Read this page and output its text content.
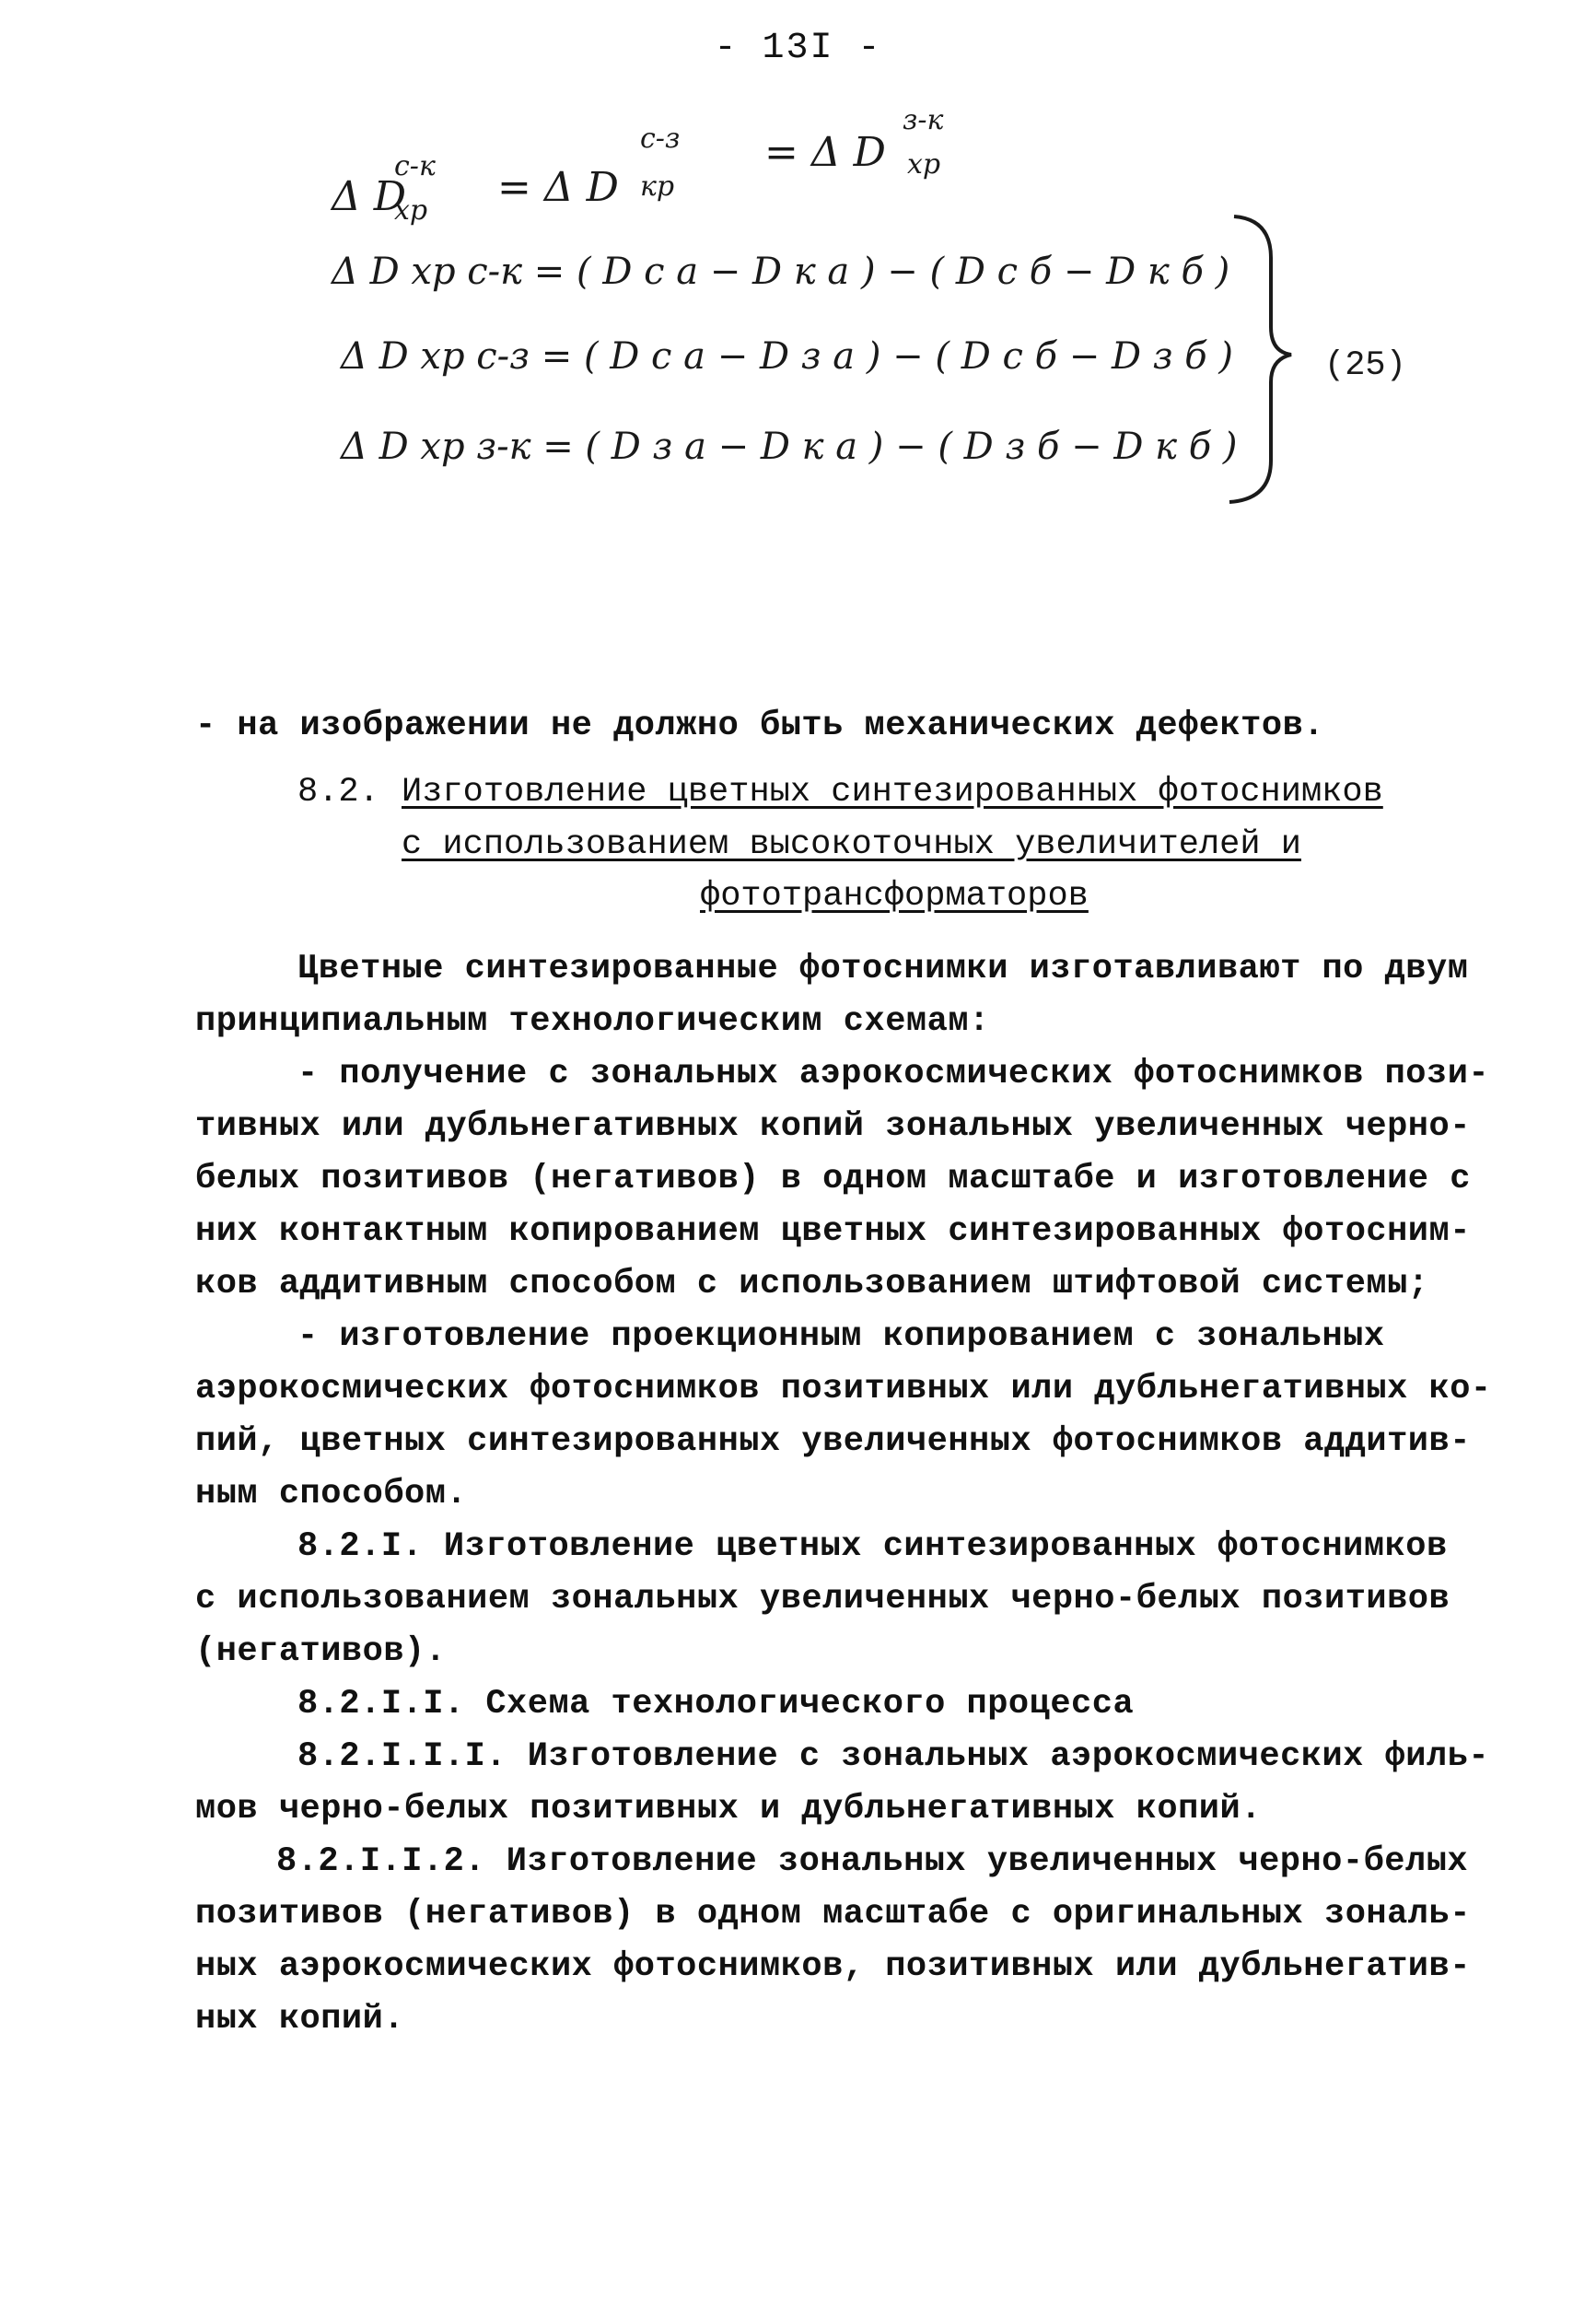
- 13I -
Δ D
с-к
хр = Δ D
с-з
кр
= Δ D
з-к
хр
Δ D хр с-к = ( D с а − D к а ) − ( D с б − D к б )
Δ D хр с-з = ( D с а − D з а ) − ( D с б − D з б )
Δ D хр з-к = ( D з а − D к а ) − ( D з б − D к б )
(25)
- на изображении не должно быть механических дефектов.
8.2. Изготовление цветных синтезированных фотоснимков
с использованием высокоточных увеличителей и
фототрансформаторов
Цветные синтезированные фотоснимки изготавливают по двум
принципиальным технологическим схемам:
- получение с зональных аэрокосмических фотоснимков пози-
тивных или дубльнегативных копий зональных увеличенных черно-
белых позитивов (негативов) в одном масштабе и изготовление с
них контактным копированием цветных синтезированных фотосним-
ков аддитивным способом с использованием штифтовой системы;
- изготовление проекционным копированием с зональных
аэрокосмических фотоснимков позитивных или дубльнегативных ко-
пий, цветных синтезированных увеличенных фотоснимков аддитив-
ным способом.
8.2.I. Изготовление цветных синтезированных фотоснимков
с использованием зональных увеличенных черно-белых позитивов
(негативов).
8.2.I.I. Схема технологического процесса
8.2.I.I.I. Изготовление с зональных аэрокосмических филь-
мов черно-белых позитивных и дубльнегативных копий.
8.2.I.I.2. Изготовление зональных увеличенных черно-белых
позитивов (негативов) в одном масштабе с оригинальных зональ-
ных аэрокосмических фотоснимков, позитивных или дубльнегатив-
ных копий.
